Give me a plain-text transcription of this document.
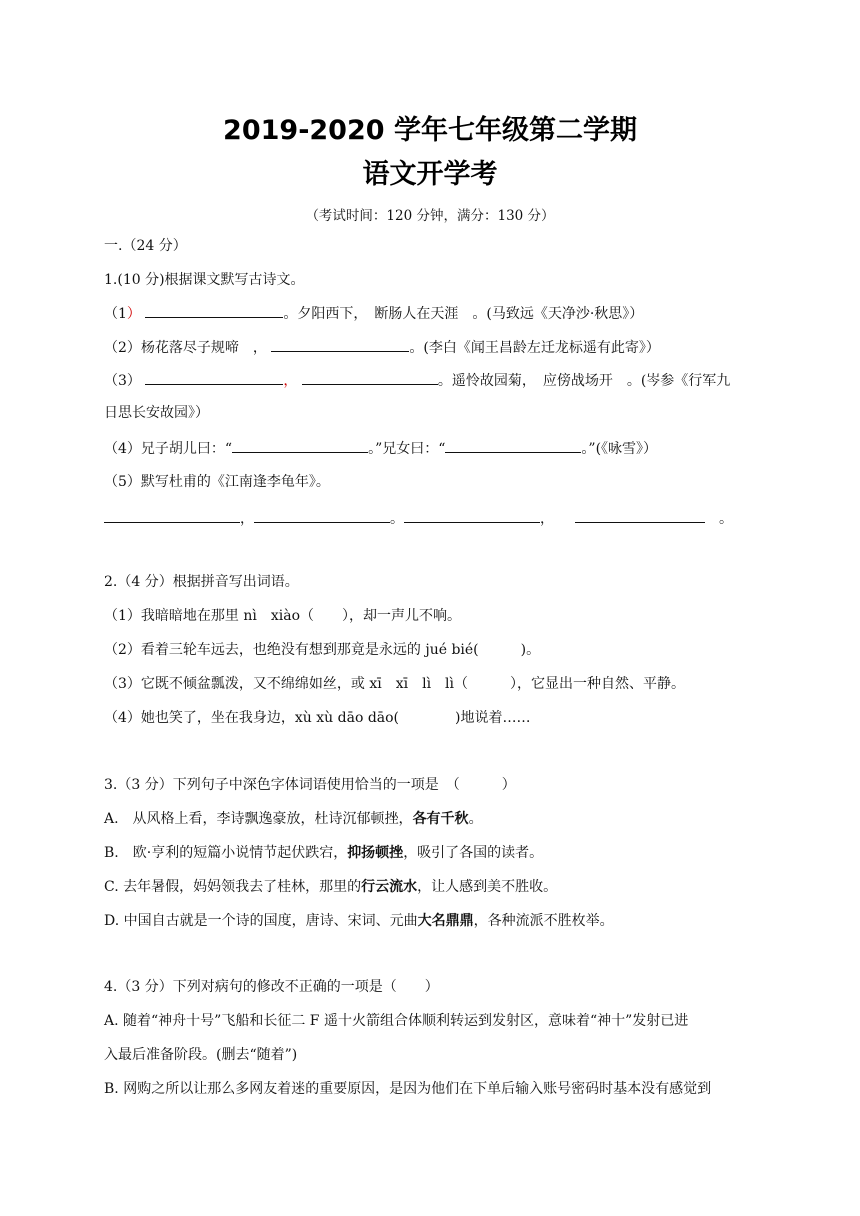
2019-2020 学年七年级第二学期
语文开学考
（考试时间：120 分钟，满分：130 分）
一.（24 分）
1.(10 分)根据课文默写古诗文。
（1）	。夕阳西下，　断肠人在天涯　。(马致远《天净沙·秋思》）
（2）杨花落尽子规啼　，	。(李白《闻王昌龄左迁龙标遥有此寄》）
（3）	，	。遥怜故园菊，　应傍战场开　。(岑参《行军九
日思长安故园》）
（4）兄子胡儿曰：“	。”兄女曰：“	。”(《咏雪》）
（5）默写杜甫的《江南逢李龟年》。
，	。	，　　　	。
2.（4 分）根据拼音写出词语。
（1）我暗暗地在那里 nì　xiào（　　），却一声儿不响。
（2）看着三轮车远去，也绝没有想到那竟是永远的 jué bié(　　　)。
（3）它既不倾盆瓢泼，又不绵绵如丝，或 xī　xī　lì　lì（　　　），它显出一种自然、平静。
（4）她也笑了，坐在我身边，xù xù dāo dāo(　　　　)地说着……
3.（3 分）下列句子中深色字体词语使用恰当的一项是　（　　　）
A.　从风格上看，李诗飘逸豪放，杜诗沉郁顿挫，各有千秋。
B.　欧·亨利的短篇小说情节起伏跌宕，抑扬顿挫，吸引了各国的读者。
C. 去年暑假，妈妈领我去了桂林，那里的行云流水，让人感到美不胜收。
D. 中国自古就是一个诗的国度，唐诗、宋词、元曲大名鼎鼎，各种流派不胜枚举。
4.（3 分）下列对病句的修改不正确的一项是（　　）
A. 随着“神舟十号”飞船和长征二 F 遥十火箭组合体顺利转运到发射区，意味着“神十”发射已进
入最后准备阶段。(删去“随着”)
B. 网购之所以让那么多网友着迷的重要原因，是因为他们在下单后输入账号密码时基本没有感觉到
